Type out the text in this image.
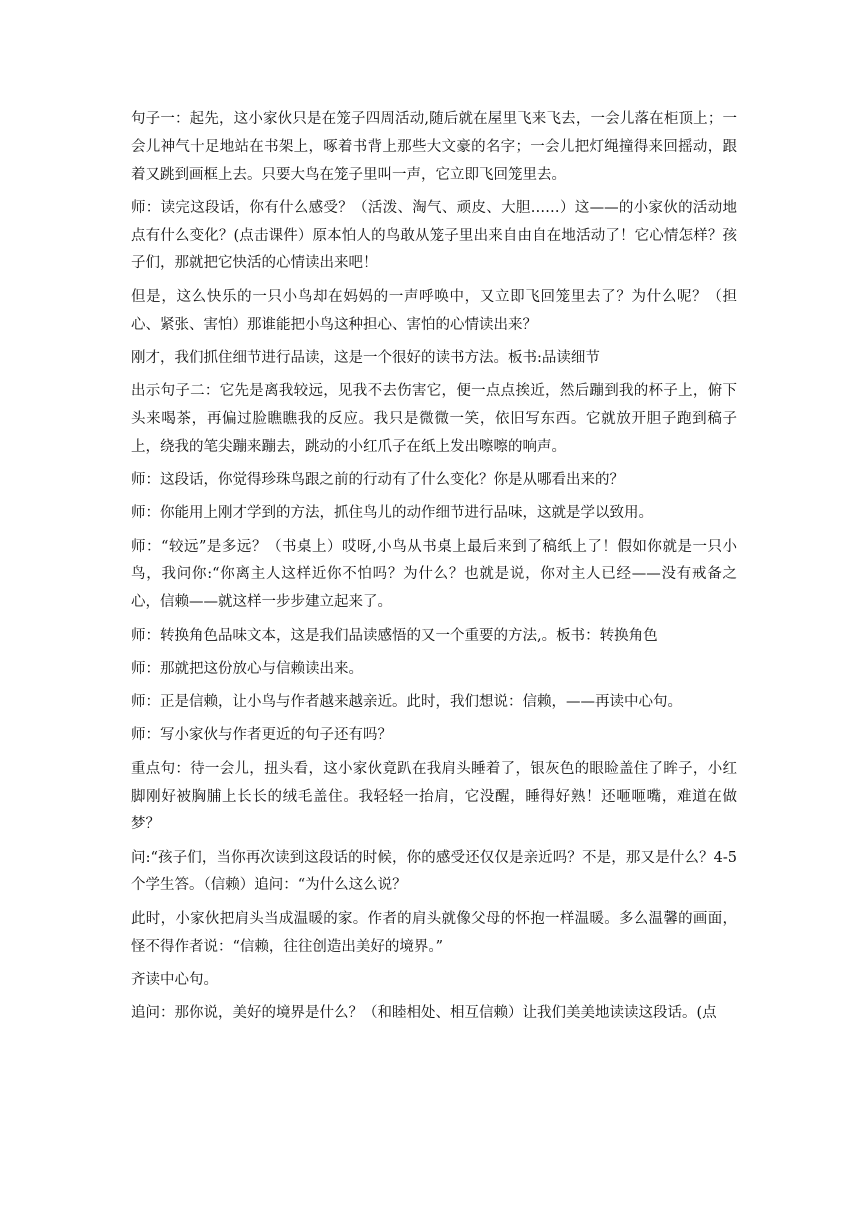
句子一：起先，这小家伙只是在笼子四周活动,随后就在屋里飞来飞去，一会儿落在柜顶上；一会儿神气十足地站在书架上，啄着书背上那些大文豪的名字；一会儿把灯绳撞得来回摇动，跟着又跳到画框上去。只要大鸟在笼子里叫一声，它立即飞回笼里去。

师：读完这段话，你有什么感受？（活泼、淘气、顽皮、大胆……）这——的小家伙的活动地点有什么变化？(点击课件）原本怕人的鸟敢从笼子里出来自由自在地活动了！它心情怎样？孩子们，那就把它快活的心情读出来吧！

但是，这么快乐的一只小鸟却在妈妈的一声呼唤中，又立即飞回笼里去了？为什么呢？（担心、紧张、害怕）那谁能把小鸟这种担心、害怕的心情读出来？

刚才，我们抓住细节进行品读，这是一个很好的读书方法。板书:品读细节

出示句子二：它先是离我较远，见我不去伤害它，便一点点挨近，然后蹦到我的杯子上，俯下头来喝茶，再偏过脸瞧瞧我的反应。我只是微微一笑，依旧写东西。它就放开胆子跑到稿子上，绕我的笔尖蹦来蹦去，跳动的小红爪子在纸上发出嚓嚓的响声。

师：这段话，你觉得珍珠鸟跟之前的行动有了什么变化？你是从哪看出来的？

师：你能用上刚才学到的方法，抓住鸟儿的动作细节进行品味，这就是学以致用。

师：“较远”是多远？（书桌上）哎呀,小鸟从书桌上最后来到了稿纸上了！假如你就是一只小鸟，我问你:“你离主人这样近你不怕吗？为什么？也就是说，你对主人已经——没有戒备之心，信赖——就这样一步步建立起来了。

师：转换角色品味文本，这是我们品读感悟的又一个重要的方法,。板书：转换角色

师：那就把这份放心与信赖读出来。

师：正是信赖，让小鸟与作者越来越亲近。此时，我们想说：信赖，——再读中心句。

师：写小家伙与作者更近的句子还有吗？

重点句：待一会儿，扭头看，这小家伙竟趴在我肩头睡着了，银灰色的眼睑盖住了眸子，小红脚刚好被胸脯上长长的绒毛盖住。我轻轻一抬肩，它没醒，睡得好熟！还咂咂嘴，难道在做梦？

问:“孩子们，当你再次读到这段话的时候，你的感受还仅仅是亲近吗？不是，那又是什么？4-5个学生答。（信赖）追问：“为什么这么说？

此时，小家伙把肩头当成温暖的家。作者的肩头就像父母的怀抱一样温暖。多么温馨的画面，怪不得作者说：“信赖，往往创造出美好的境界。”

齐读中心句。

追问：那你说，美好的境界是什么？（和睦相处、相互信赖）让我们美美地读读这段话。(点
